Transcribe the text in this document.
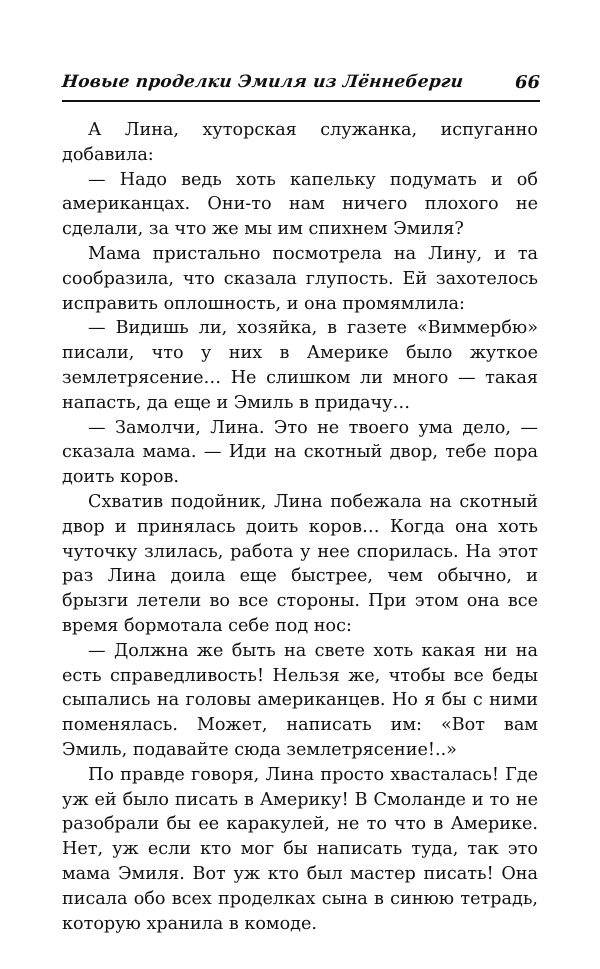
Новые проделки Эмиля из Лённеберги	66

А Лина, хуторская служанка, испуганно добавила:

— Надо ведь хоть капельку подумать и об американцах. Они-то нам ничего плохого не сделали, за что же мы им спихнем Эмиля?

Мама пристально посмотрела на Лину, и та сообразила, что сказала глупость. Ей захотелось исправить оплошность, и она промямлила:

— Видишь ли, хозяйка, в газете «Виммербю» писали, что у них в Америке было жуткое землетрясение… Не слишком ли много — такая напасть, да еще и Эмиль в придачу…

— Замолчи, Лина. Это не твоего ума дело, — сказала мама. — Иди на скотный двор, тебе пора доить коров.

Схватив подойник, Лина побежала на скотный двор и принялась доить коров… Когда она хоть чуточку злилась, работа у нее спорилась. На этот раз Лина доила еще быстрее, чем обычно, и брызги летели во все стороны. При этом она все время бормотала себе под нос:

— Должна же быть на свете хоть какая ни на есть справедливость! Нельзя же, чтобы все беды сыпались на головы американцев. Но я бы с ними поменялась. Может, написать им: «Вот вам Эмиль, подавайте сюда землетрясение!..»

По правде говоря, Лина просто хвасталась! Где уж ей было писать в Америку! В Смоланде и то не разобрали бы ее каракулей, не то что в Америке. Нет, уж если кто мог бы написать туда, так это мама Эмиля. Вот уж кто был мастер писать! Она писала обо всех проделках сына в синюю тетрадь, которую хранила в комоде.
